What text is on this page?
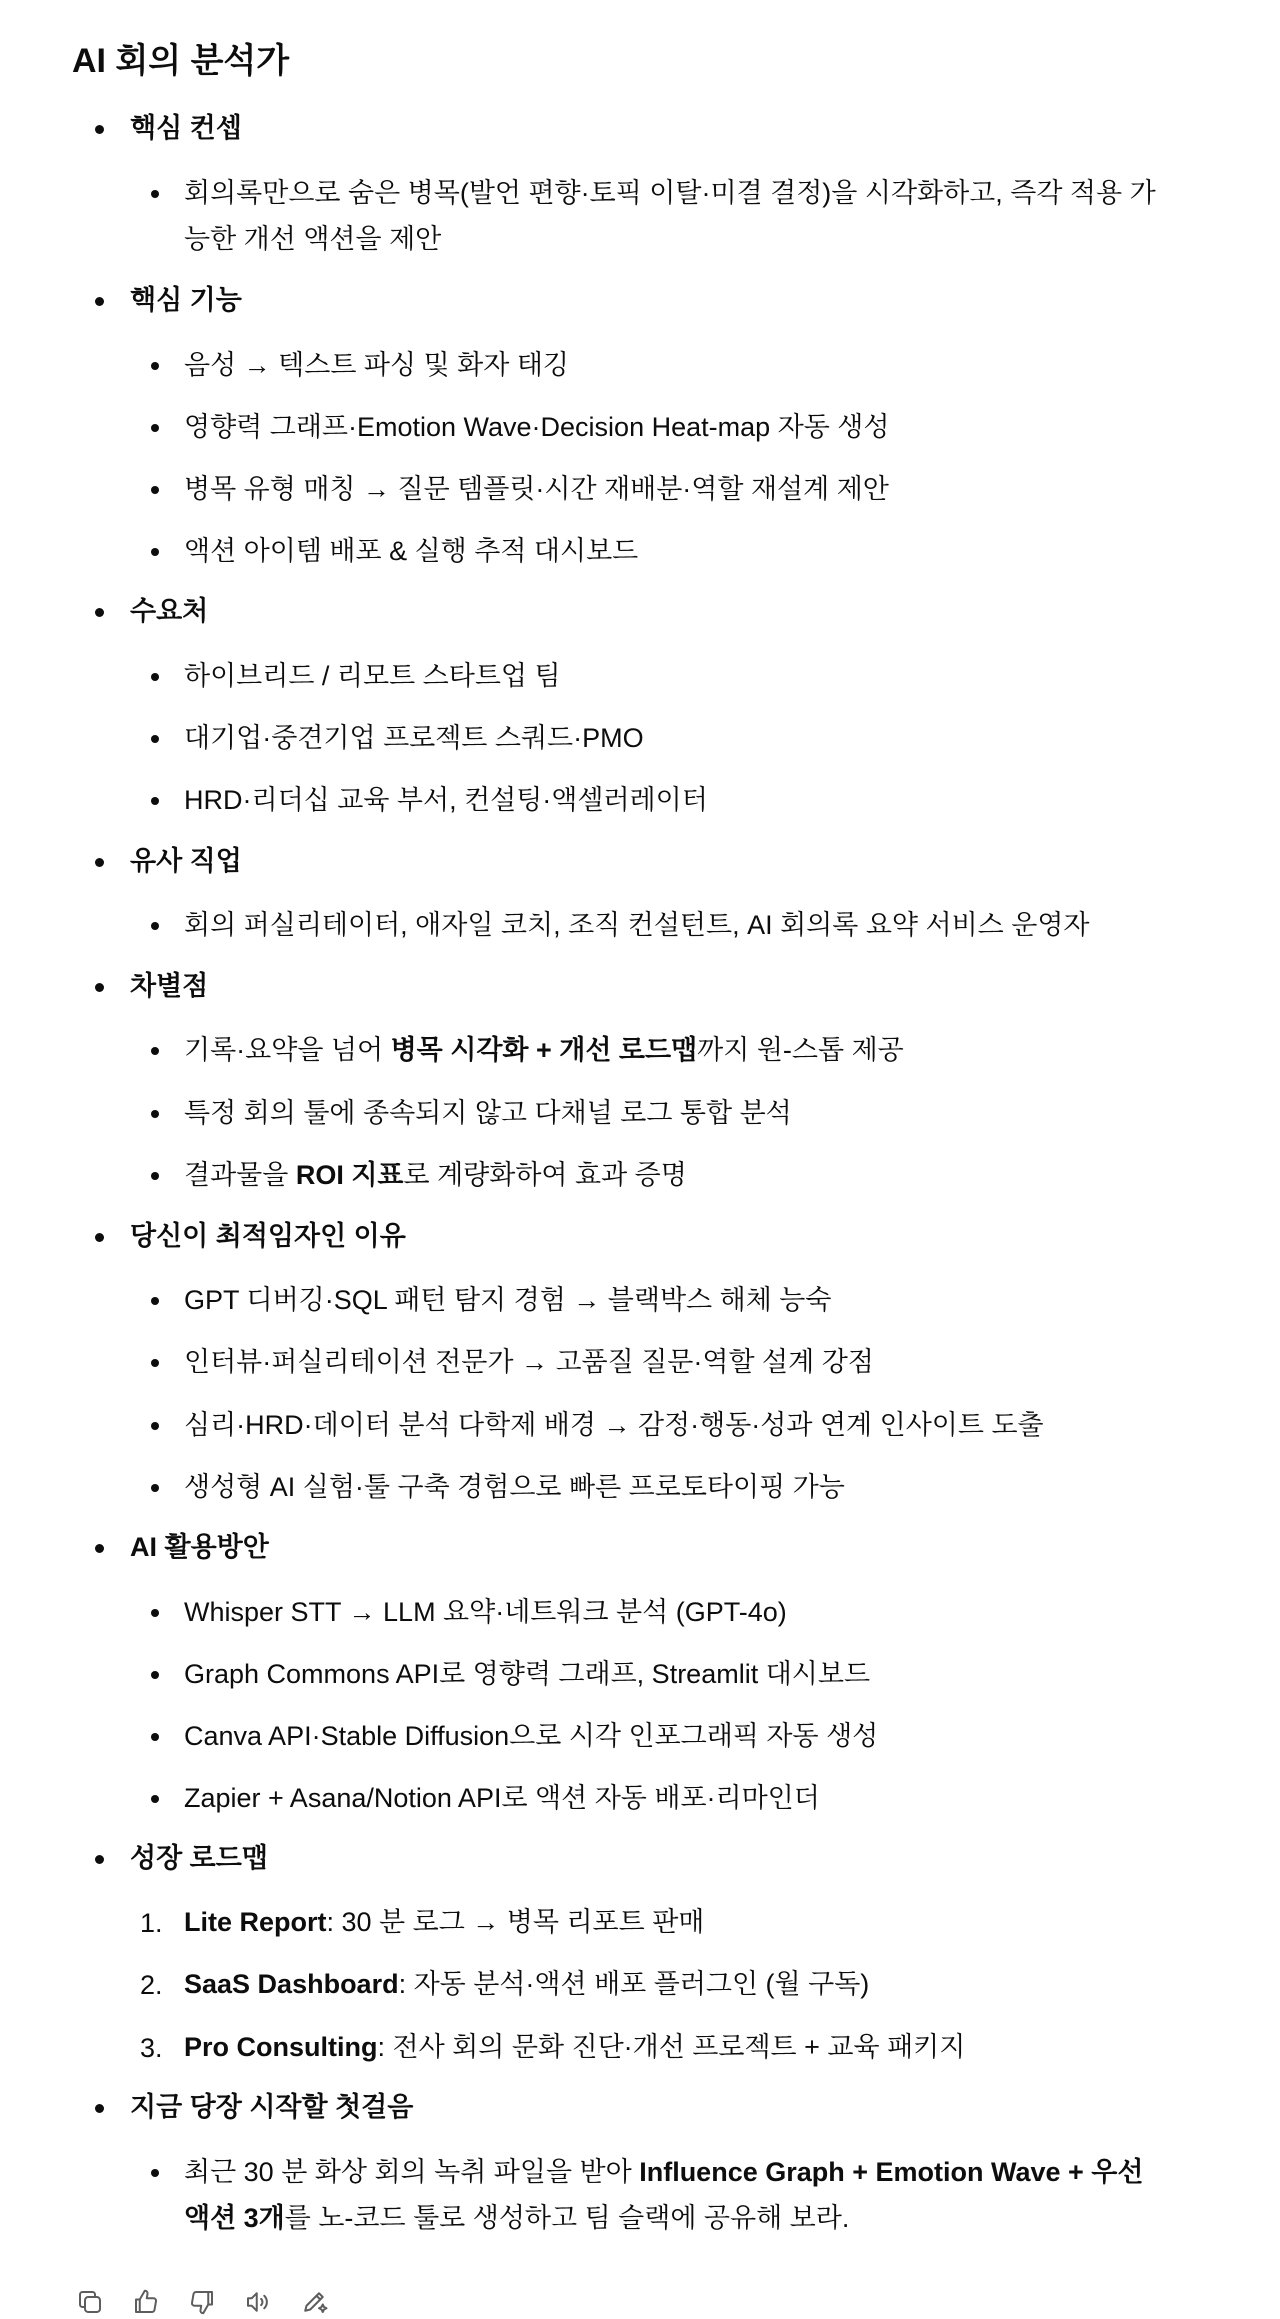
AI 회의 분석가
핵심 컨셉
회의록만으로 숨은 병목(발언 편향·토픽 이탈·미결 결정)을 시각화하고, 즉각 적용 가능한 개선 액션을 제안
핵심 기능
음성 → 텍스트 파싱 및 화자 태깅
영향력 그래프·Emotion Wave·Decision Heat-map 자동 생성
병목 유형 매칭 → 질문 템플릿·시간 재배분·역할 재설계 제안
액션 아이템 배포 & 실행 추적 대시보드
수요처
하이브리드 / 리모트 스타트업 팀
대기업·중견기업 프로젝트 스쿼드·PMO
HRD·리더십 교육 부서, 컨설팅·액셀러레이터
유사 직업
회의 퍼실리테이터, 애자일 코치, 조직 컨설턴트, AI 회의록 요약 서비스 운영자
차별점
기록·요약을 넘어 병목 시각화 + 개선 로드맵까지 원-스톱 제공
특정 회의 툴에 종속되지 않고 다채널 로그 통합 분석
결과물을 ROI 지표로 계량화하여 효과 증명
당신이 최적임자인 이유
GPT 디버깅·SQL 패턴 탐지 경험 → 블랙박스 해체 능숙
인터뷰·퍼실리테이션 전문가 → 고품질 질문·역할 설계 강점
심리·HRD·데이터 분석 다학제 배경 → 감정·행동·성과 연계 인사이트 도출
생성형 AI 실험·툴 구축 경험으로 빠른 프로토타이핑 가능
AI 활용방안
Whisper STT → LLM 요약·네트워크 분석 (GPT-4o)
Graph Commons API로 영향력 그래프, Streamlit 대시보드
Canva API·Stable Diffusion으로 시각 인포그래픽 자동 생성
Zapier + Asana/Notion API로 액션 자동 배포·리마인더
성장 로드맵
1. Lite Report: 30 분 로그 → 병목 리포트 판매
2. SaaS Dashboard: 자동 분석·액션 배포 플러그인 (월 구독)
3. Pro Consulting: 전사 회의 문화 진단·개선 프로젝트 + 교육 패키지
지금 당장 시작할 첫걸음
최근 30 분 화상 회의 녹취 파일을 받아 Influence Graph + Emotion Wave + 우선 액션 3개를 노-코드 툴로 생성하고 팀 슬랙에 공유해 보라.
